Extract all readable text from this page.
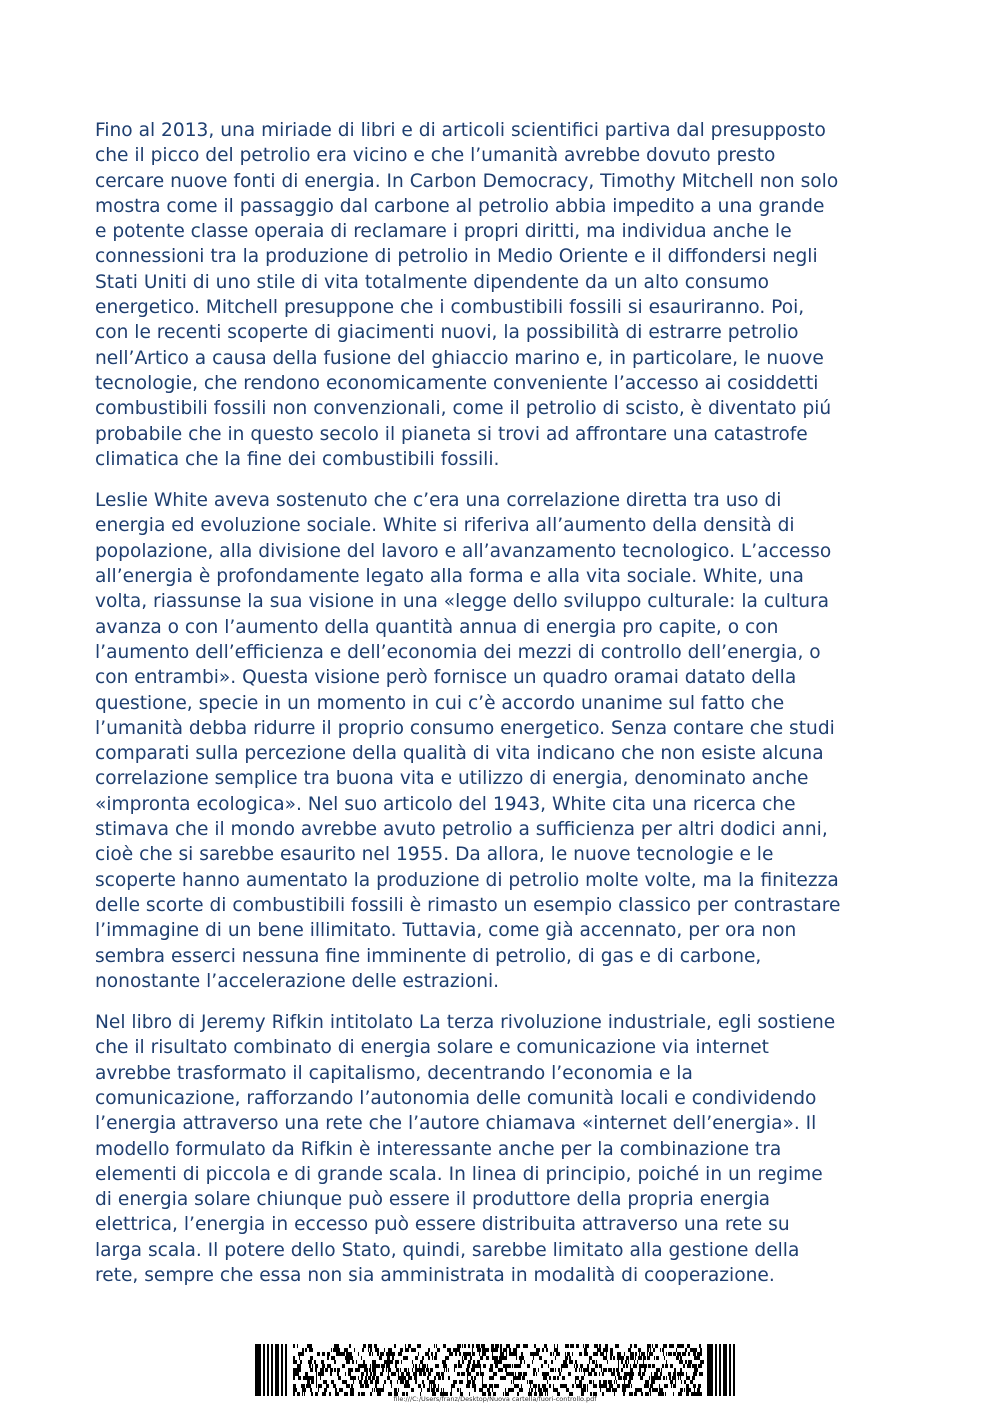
Fino al 2013, una miriade di libri e di articoli scientifici partiva dal presupposto
che il picco del petrolio era vicino e che l’umanità avrebbe dovuto presto
cercare nuove fonti di energia. In Carbon Democracy, Timothy Mitchell non solo
mostra come il passaggio dal carbone al petrolio abbia impedito a una grande
e potente classe operaia di reclamare i propri diritti, ma individua anche le
connessioni tra la produzione di petrolio in Medio Oriente e il diffondersi negli
Stati Uniti di uno stile di vita totalmente dipendente da un alto consumo
energetico. Mitchell presuppone che i combustibili fossili si esauriranno. Poi,
con le recenti scoperte di giacimenti nuovi, la possibilità di estrarre petrolio
nell’Artico a causa della fusione del ghiaccio marino e, in particolare, le nuove
tecnologie, che rendono economicamente conveniente l’accesso ai cosiddetti
combustibili fossili non convenzionali, come il petrolio di scisto, è diventato piú
probabile che in questo secolo il pianeta si trovi ad affrontare una catastrofe
climatica che la fine dei combustibili fossili.

Leslie White aveva sostenuto che c’era una correlazione diretta tra uso di
energia ed evoluzione sociale. White si riferiva all’aumento della densità di
popolazione, alla divisione del lavoro e all’avanzamento tecnologico. L’accesso
all’energia è profondamente legato alla forma e alla vita sociale. White, una
volta, riassunse la sua visione in una «legge dello sviluppo culturale: la cultura
avanza o con l’aumento della quantità annua di energia pro capite, o con
l’aumento dell’efficienza e dell’economia dei mezzi di controllo dell’energia, o
con entrambi». Questa visione però fornisce un quadro oramai datato della
questione, specie in un momento in cui c’è accordo unanime sul fatto che
l’umanità debba ridurre il proprio consumo energetico. Senza contare che studi
comparati sulla percezione della qualità di vita indicano che non esiste alcuna
correlazione semplice tra buona vita e utilizzo di energia, denominato anche
«impronta ecologica». Nel suo articolo del 1943, White cita una ricerca che
stimava che il mondo avrebbe avuto petrolio a sufficienza per altri dodici anni,
cioè che si sarebbe esaurito nel 1955. Da allora, le nuove tecnologie e le
scoperte hanno aumentato la produzione di petrolio molte volte, ma la finitezza
delle scorte di combustibili fossili è rimasto un esempio classico per contrastare
l’immagine di un bene illimitato. Tuttavia, come già accennato, per ora non
sembra esserci nessuna fine imminente di petrolio, di gas e di carbone,
nonostante l’accelerazione delle estrazioni.

Nel libro di Jeremy Rifkin intitolato La terza rivoluzione industriale, egli sostiene
che il risultato combinato di energia solare e comunicazione via internet
avrebbe trasformato il capitalismo, decentrando l’economia e la
comunicazione, rafforzando l’autonomia delle comunità locali e condividendo
l’energia attraverso una rete che l’autore chiamava «internet dell’energia». Il
modello formulato da Rifkin è interessante anche per la combinazione tra
elementi di piccola e di grande scala. In linea di principio, poiché in un regime
di energia solare chiunque può essere il produttore della propria energia
elettrica, l’energia in eccesso può essere distribuita attraverso una rete su
larga scala. Il potere dello Stato, quindi, sarebbe limitato alla gestione della
rete, sempre che essa non sia amministrata in modalità di cooperazione.

file:///C:/Users/franz/Desktop/Nuova cartella/fuori-controllo.pdf
